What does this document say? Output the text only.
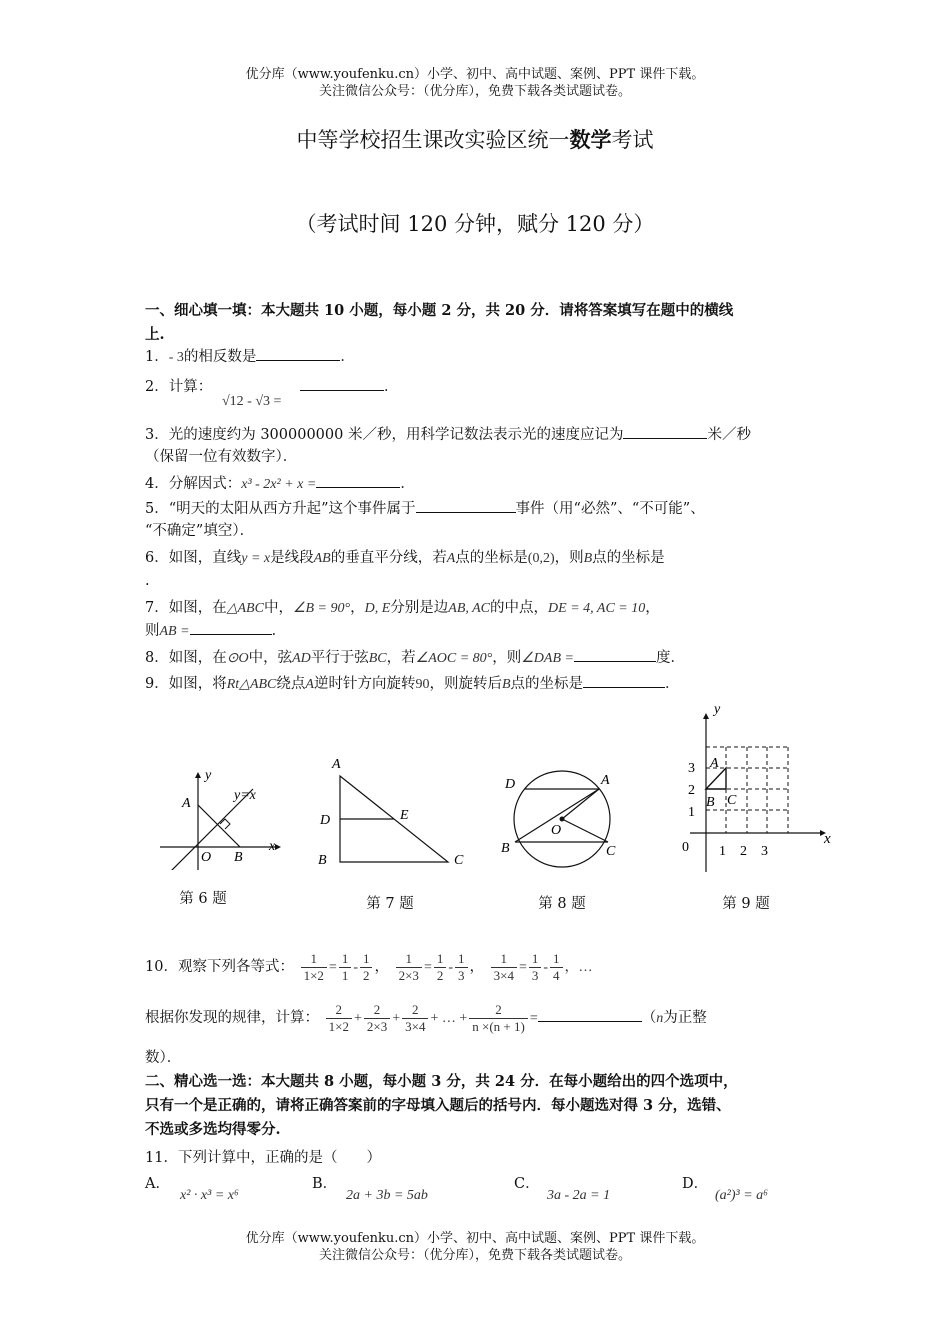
优分库（www.youfenku.cn）小学、初中、高中试题、案例、PPT 课件下载。
关注微信公众号：（优分库），免费下载各类试题试卷。
中等学校招生课改实验区统一数学考试
（考试时间 120 分钟，赋分 120 分）
一、细心填一填：本大题共 10 小题，每小题 2 分，共 20 分．请将答案填写在题中的横线
上.
1．- 3的相反数是	．
2．计算：
√12 - √3 =
．
3．光的速度约为 300000000 米／秒，用科学记数法表示光的速度应记为	米／秒
（保留一位有效数字）．
4．分解因式：x³ - 2x² + x =	．
5．“明天的太阳从西方升起”这个事件属于	事件（用“必然”、“不可能”、
“不确定”填空）．
6．如图，直线y = x是线段AB的垂直平分线，若A点的坐标是(0,2)，则B点的坐标是
.
7．如图，在△ABC中，∠B = 90°，D, E分别是边AB, AC的中点，DE = 4, AC = 10，
则AB =	．
8．如图，在⊙O中，弦AD平行于弦BC，若∠AOC = 80°，则∠DAB =	度．
9．如图，将Rt△ABC绕点A逆时针方向旋转90，则旋转后B点的坐标是	．
y
y=x
A
O B
x
第 6 题
A
D	E
B	C
第 7 题
D	A
O
B	C
第 8 题
y
3
2
1
A
B C
0 1 2 3
x
第 9 题
10．观察下列各等式： $\frac{1}{1\times 2} = \frac{1}{1} - \frac{1}{2}$ ， $\frac{1}{2\times 3} = \frac{1}{2} - \frac{1}{3}$ ， $\frac{1}{3\times 4} = \frac{1}{3} - \frac{1}{4}$ ，…
根据你发现的规律，计算： $\frac{2}{1\times 2} + \frac{2}{2\times 3} + \frac{2}{3\times 4}$ + … + $\frac{2}{n \times(n + 1)}$ =	（n为正整
数）．
二、精心选一选：本大题共 8 小题，每小题 3 分，共 24 分．在每小题给出的四个选项中，
只有一个是正确的，请将正确答案前的字母填入题后的括号内．每小题选对得 3 分，选错、
不选或多选均得零分.
11．下列计算中，正确的是（　　）
A．
x² · x³ = x⁶
B．
2a + 3b = 5ab
C．
3a - 2a = 1
D．
(a²)³ = a⁶
优分库（www.youfenku.cn）小学、初中、高中试题、案例、PPT 课件下载。
关注微信公众号：（优分库），免费下载各类试题试卷。
